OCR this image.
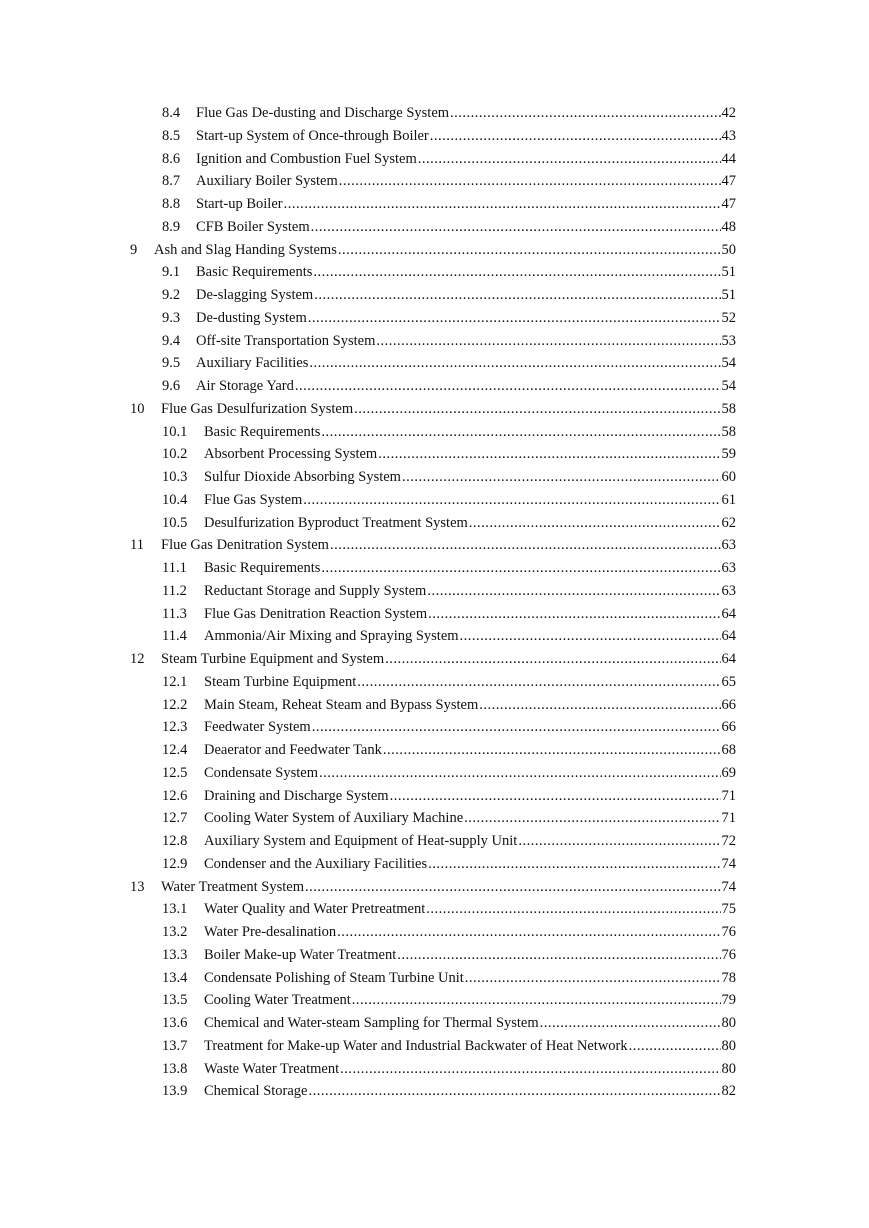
8.4	Flue Gas De-dusting and Discharge System .....	42
8.5	Start-up System of Once-through Boiler .....	43
8.6	Ignition and Combustion Fuel System .....	44
8.7	Auxiliary Boiler System .....	47
8.8	Start-up Boiler .....	47
8.9	CFB Boiler System .....	48
9	Ash and Slag Handing Systems .....	50
9.1	Basic Requirements .....	51
9.2	De-slagging System .....	51
9.3	De-dusting System .....	52
9.4	Off-site Transportation System .....	53
9.5	Auxiliary Facilities .....	54
9.6	Air Storage Yard .....	54
10	Flue Gas Desulfurization System .....	58
10.1	Basic Requirements .....	58
10.2	Absorbent Processing System .....	59
10.3	Sulfur Dioxide Absorbing System .....	60
10.4	Flue Gas System .....	61
10.5	Desulfurization Byproduct Treatment System .....	62
11	Flue Gas Denitration System .....	63
11.1	Basic Requirements .....	63
11.2	Reductant Storage and Supply System .....	63
11.3	Flue Gas Denitration Reaction System .....	64
11.4	Ammonia/Air Mixing and Spraying System .....	64
12	Steam Turbine Equipment and System .....	64
12.1	Steam Turbine Equipment .....	65
12.2	Main Steam, Reheat Steam and Bypass System .....	66
12.3	Feedwater System .....	66
12.4	Deaerator and Feedwater Tank .....	68
12.5	Condensate System .....	69
12.6	Draining and Discharge System .....	71
12.7	Cooling Water System of Auxiliary Machine .....	71
12.8	Auxiliary System and Equipment of Heat-supply Unit .....	72
12.9	Condenser and the Auxiliary Facilities .....	74
13	Water Treatment System .....	74
13.1	Water Quality and Water Pretreatment .....	75
13.2	Water Pre-desalination .....	76
13.3	Boiler Make-up Water Treatment .....	76
13.4	Condensate Polishing of Steam Turbine Unit .....	78
13.5	Cooling Water Treatment .....	79
13.6	Chemical and Water-steam Sampling for Thermal System .....	80
13.7	Treatment for Make-up Water and Industrial Backwater of Heat Network .....	80
13.8	Waste Water Treatment .....	80
13.9	Chemical Storage .....	82
